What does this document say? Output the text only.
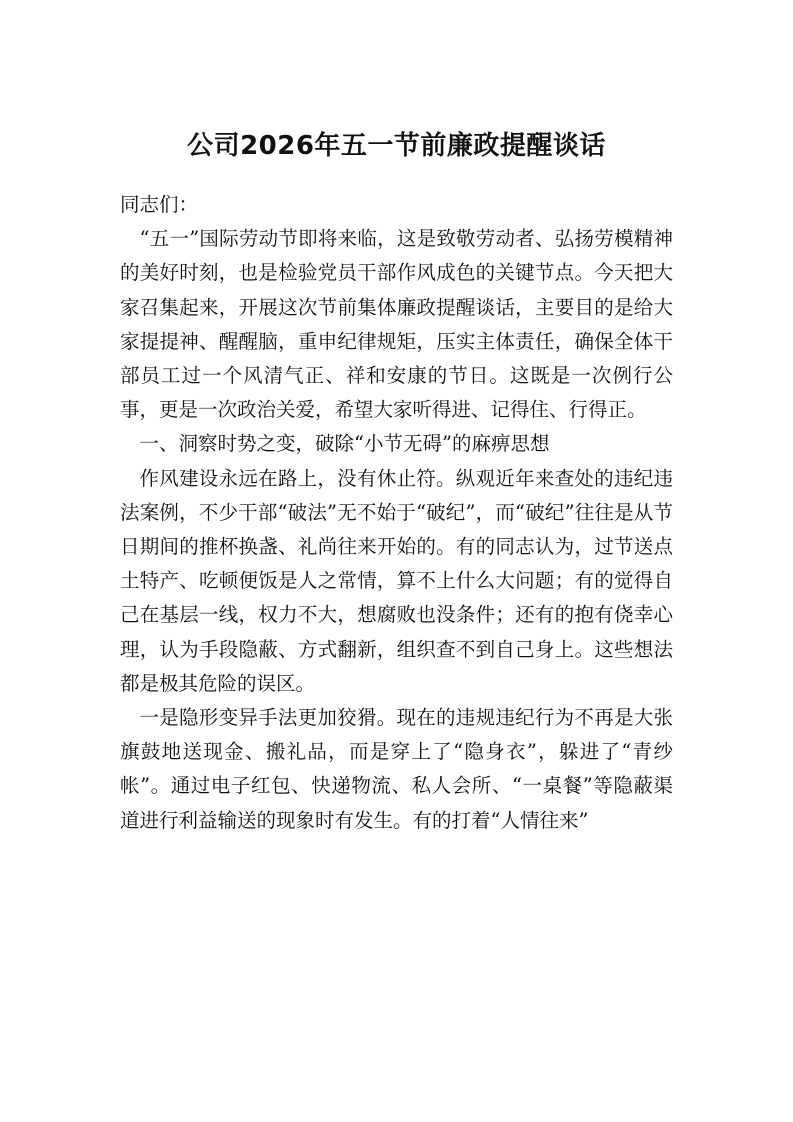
公司2026年五一节前廉政提醒谈话

同志们：

“五一”国际劳动节即将来临，这是致敬劳动者、弘扬劳模精神的美好时刻，也是检验党员干部作风成色的关键节点。今天把大家召集起来，开展这次节前集体廉政提醒谈话，主要目的是给大家提提神、醒醒脑，重申纪律规矩，压实主体责任，确保全体干部员工过一个风清气正、祥和安康的节日。这既是一次例行公事，更是一次政治关爱，希望大家听得进、记得住、行得正。

一、洞察时势之变，破除“小节无碍”的麻痹思想

作风建设永远在路上，没有休止符。纵观近年来查处的违纪违法案例，不少干部“破法”无不始于“破纪”，而“破纪”往往是从节日期间的推杯换盏、礼尚往来开始的。有的同志认为，过节送点土特产、吃顿便饭是人之常情，算不上什么大问题；有的觉得自己在基层一线，权力不大，想腐败也没条件；还有的抱有侥幸心理，认为手段隐蔽、方式翻新，组织查不到自己身上。这些想法都是极其危险的误区。

一是隐形变异手法更加狡猾。现在的违规违纪行为不再是大张旗鼓地送现金、搬礼品，而是穿上了“隐身衣”，躲进了“青纱帐”。通过电子红包、快递物流、私人会所、“一桌餐”等隐蔽渠道进行利益输送的现象时有发生。有的打着“人情往来”
